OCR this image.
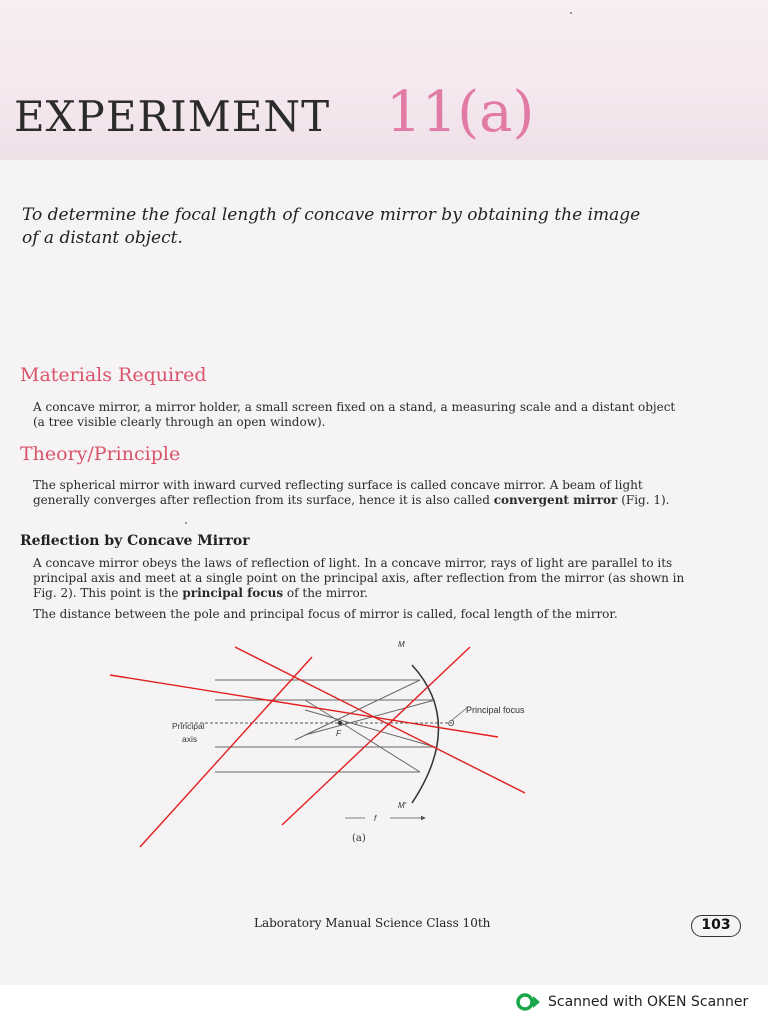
EXPERIMENT 11(a)

To determine the focal length of concave mirror by obtaining the image of a distant object.

Materials Required

A concave mirror, a mirror holder, a small screen fixed on a stand, a measuring scale and a distant object (a tree visible clearly through an open window).

Theory/Principle

The spherical mirror with inward curved reflecting surface is called concave mirror. A beam of light generally converges after reflection from its surface, hence it is also called convergent mirror (Fig. 1).

Reflection by Concave Mirror

A concave mirror obeys the laws of reflection of light. In a concave mirror, rays of light are parallel to its principal axis and meet at a single point on the principal axis, after reflection from the mirror (as shown in Fig. 2). This point is the principal focus of the mirror.

The distance between the pole and principal focus of mirror is called, focal length of the mirror.

M
M'
Principal focus
O
F
Principal
axis
f
(a)
Laboratory Manual Science Class 10th	103
Scanned with OKEN Scanner
